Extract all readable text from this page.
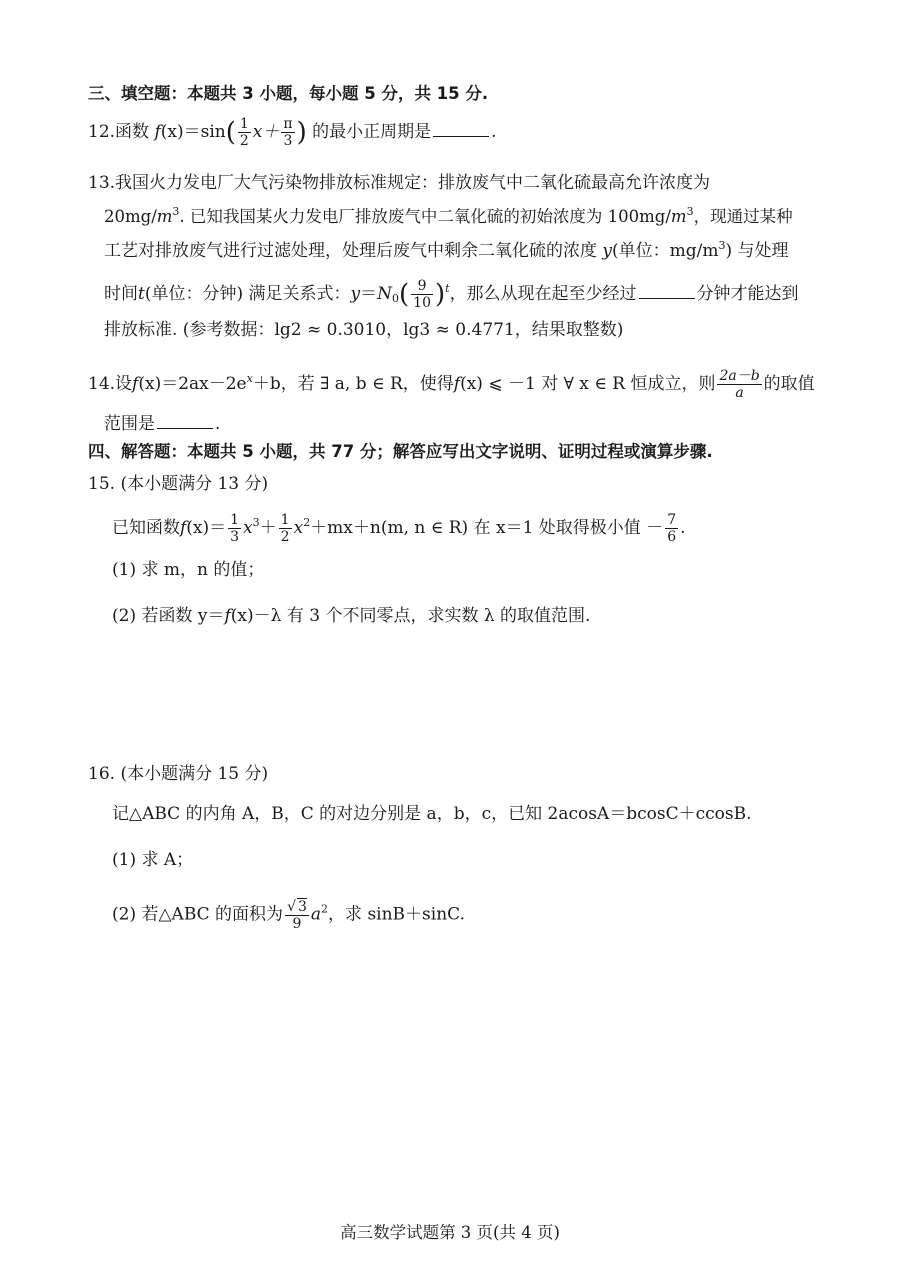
三、填空题：本题共 3 小题，每小题 5 分，共 15 分.
12.函数 $f(x)=\sin( \frac{1}{2} x+ \frac{\pi}{3}$ ) 的最小正周期是	.
13.我国火力发电厂大气污染物排放标准规定：排放废气中二氧化硫最高允许浓度为
$20mg/m^3$. 已知我国某火力发电厂排放废气中二氧化硫的初始浓度为 $100mg/m^3$，现通过某种
工艺对排放废气进行过滤处理，处理后废气中剩余二氧化硫的浓度 y(单位：$mg/m^3$) 与处理
时间t(单位：分钟) 满足关系式：$y=N_0( \frac{9}{10} )^t$，那么从现在起至少经过	分钟才能达到
排放标准. (参考数据：lg2 ≈ 0.3010，lg3 ≈ 0.4771，结果取整数)
14.设$f(x)=2ax-2e^x+b$，若 ∃ a, b ∈ R，使得f(x) ⩽ －1 对 ∀ x ∈ R 恒成立，则 $\frac{2a-b}{a}$ 的取值
范围是	.
四、解答题：本题共 5 小题，共 77 分；解答应写出文字说明、证明过程或演算步骤.
15. (本小题满分 13 分)
已知函数$f(x)= \frac{1}{3} x^3+ \frac{1}{2} x^2+mx+n(m$, n ∈ R) 在 x＝1 处取得极小值 － $\frac{7}{6}$ .
(1) 求 m，n 的值；
(2) 若函数 y＝f(x)－λ 有 3 个不同零点，求实数 λ 的取值范围.
16. (本小题满分 15 分)
记△ABC 的内角 A，B，C 的对边分别是 a，b，c，已知 2acosA＝bcosC＋ccosB.
(1) 求 A；
(2) 若△ABC 的面积为 $\frac{√ 3}{9} a^2$，求 sinB＋sinC.
高三数学试题第 3 页(共 4 页)
